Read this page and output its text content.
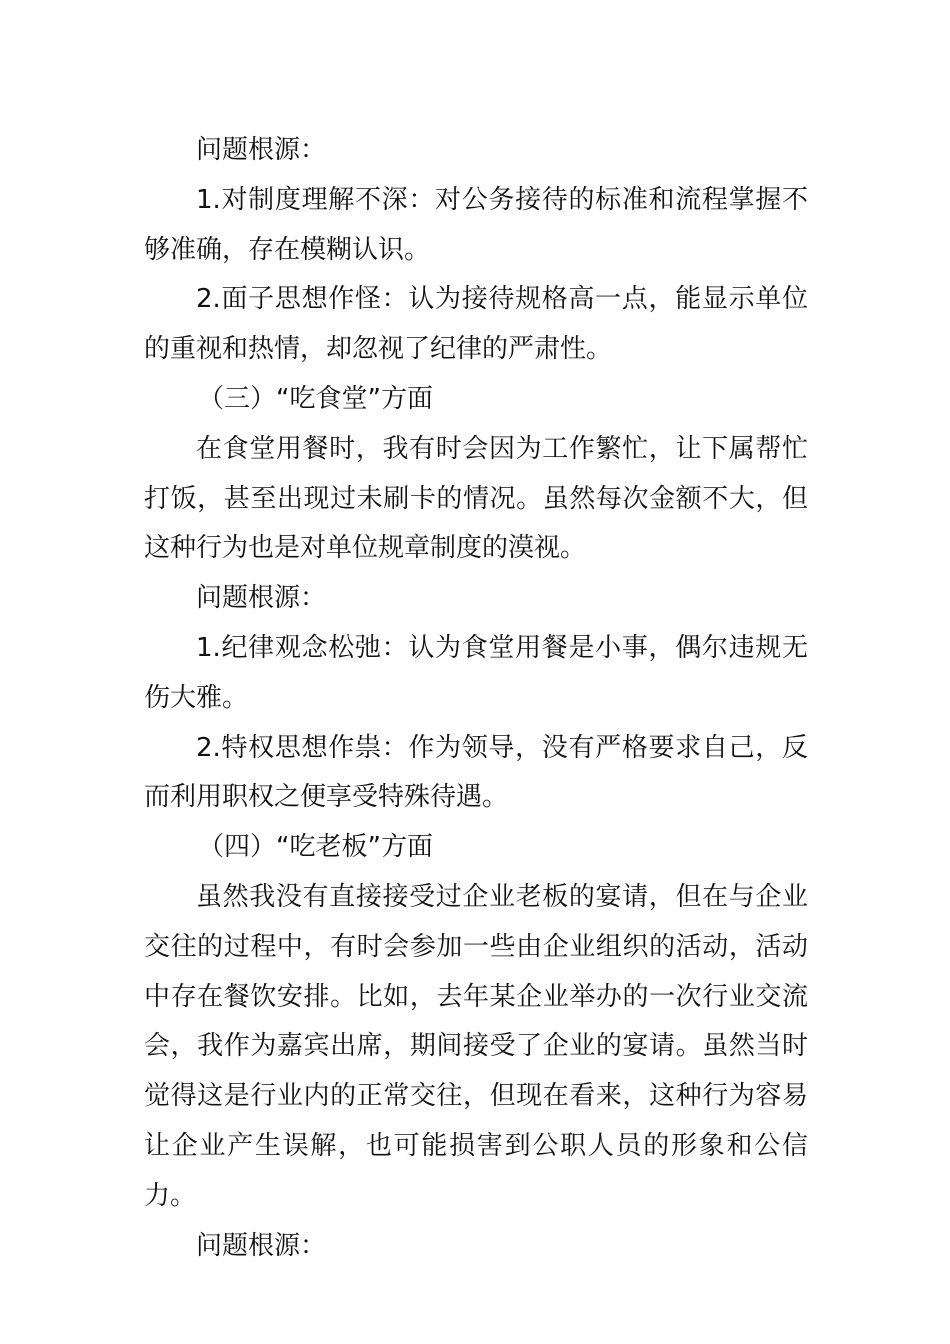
问题根源：

1.对制度理解不深：对公务接待的标准和流程掌握不够准确，存在模糊认识。

2.面子思想作怪：认为接待规格高一点，能显示单位的重视和热情，却忽视了纪律的严肃性。

（三）“吃食堂”方面

在食堂用餐时，我有时会因为工作繁忙，让下属帮忙打饭，甚至出现过未刷卡的情况。虽然每次金额不大，但这种行为也是对单位规章制度的漠视。

问题根源：

1.纪律观念松弛：认为食堂用餐是小事，偶尔违规无伤大雅。

2.特权思想作祟：作为领导，没有严格要求自己，反而利用职权之便享受特殊待遇。

（四）“吃老板”方面

虽然我没有直接接受过企业老板的宴请，但在与企业交往的过程中，有时会参加一些由企业组织的活动，活动中存在餐饮安排。比如，去年某企业举办的一次行业交流会，我作为嘉宾出席，期间接受了企业的宴请。虽然当时觉得这是行业内的正常交往，但现在看来，这种行为容易让企业产生误解，也可能损害到公职人员的形象和公信力。

问题根源：
